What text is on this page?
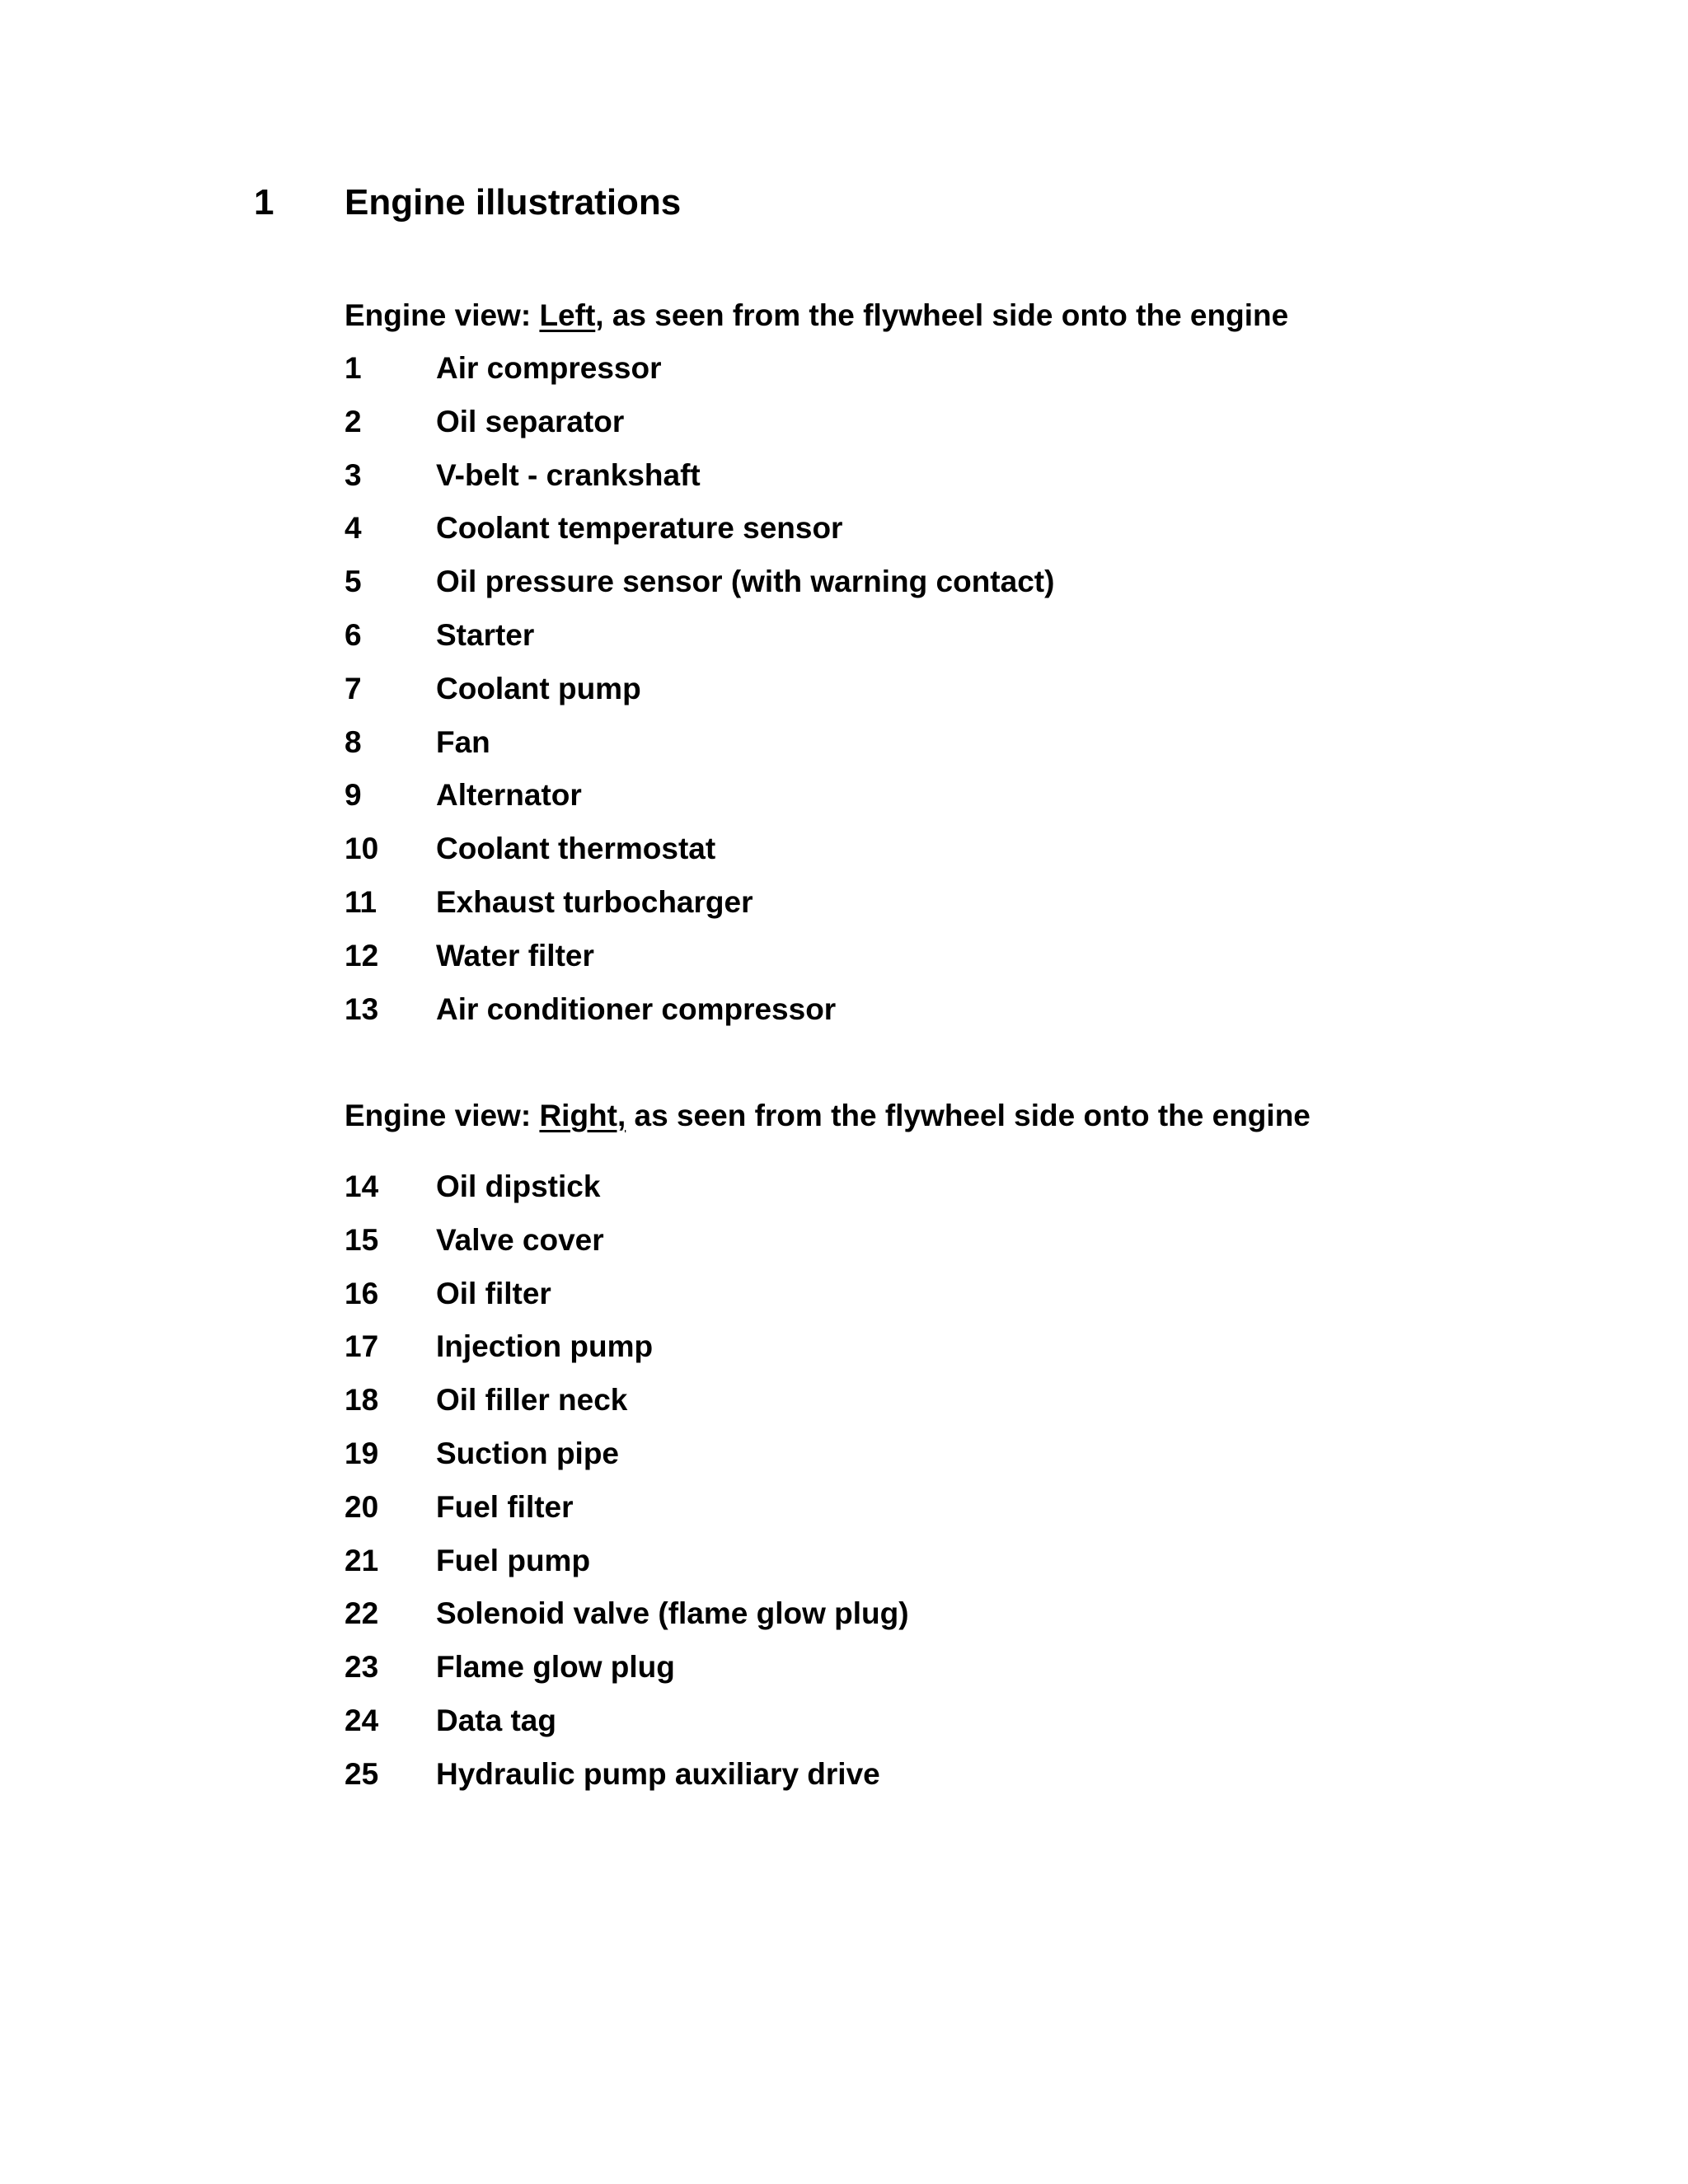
1 Engine illustrations
Engine view: Left, as seen from the flywheel side onto the engine
1 Air compressor
2 Oil separator
3 V-belt - crankshaft
4 Coolant temperature sensor
5 Oil pressure sensor (with warning contact)
6 Starter
7 Coolant pump
8 Fan
9 Alternator
10 Coolant thermostat
11 Exhaust turbocharger
12 Water filter
13 Air conditioner compressor
Engine view: Right, as seen from the flywheel side onto the engine
14 Oil dipstick
15 Valve cover
16 Oil filter
17 Injection pump
18 Oil filler neck
19 Suction pipe
20 Fuel filter
21 Fuel pump
22 Solenoid valve (flame glow plug)
23 Flame glow plug
24 Data tag
25 Hydraulic pump auxiliary drive
